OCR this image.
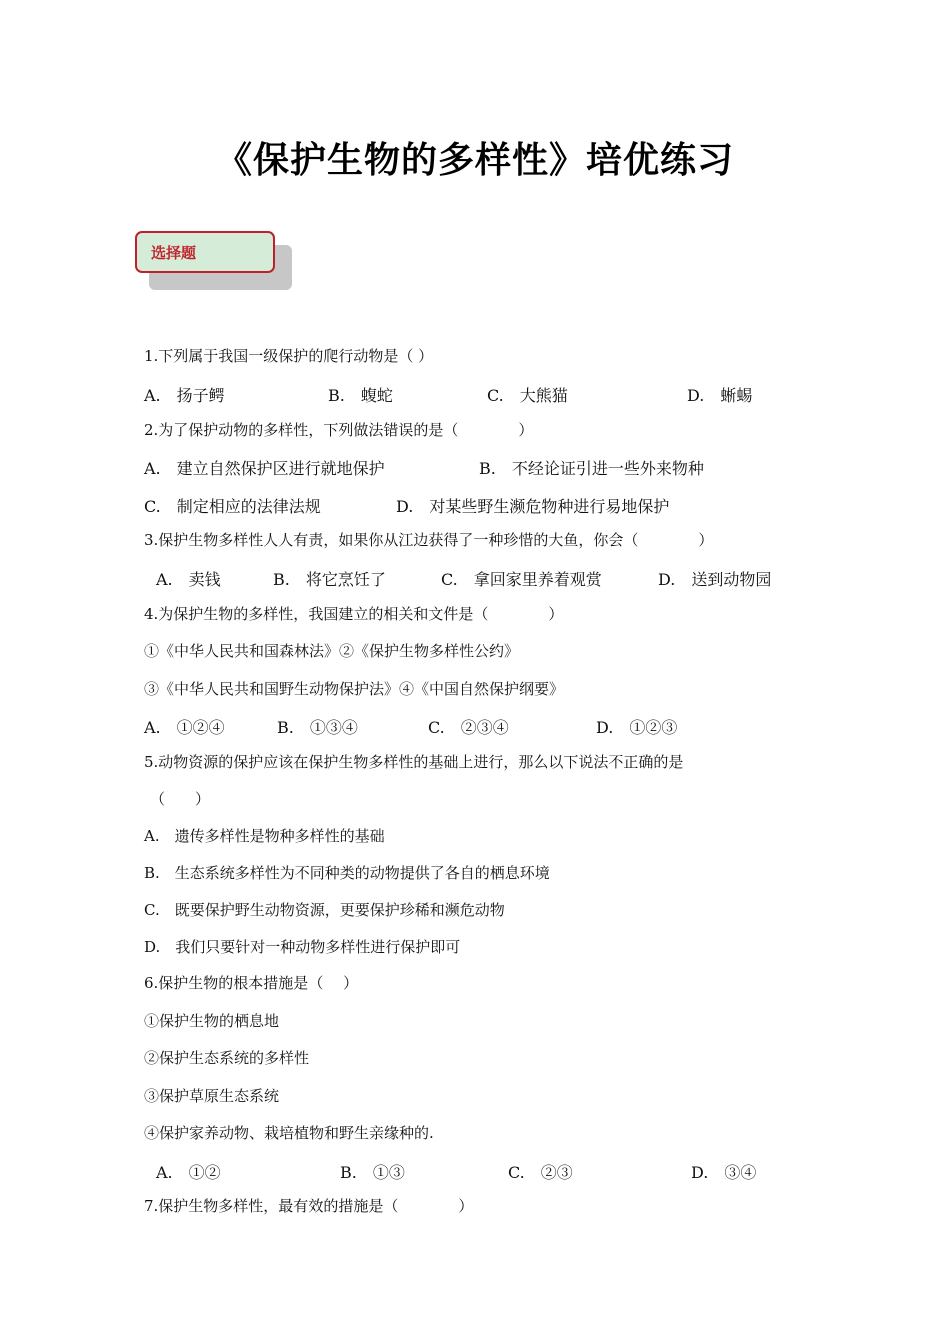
《保护生物的多样性》培优练习
选择题
1.下列属于我国一级保护的爬行动物是（ ）
A.　扬子鳄	B.　蝮蛇	C.　大熊猫	D.　蜥蜴
2.为了保护动物的多样性，下列做法错误的是（　　　　）
A.　建立自然保护区进行就地保护	B.　不经论证引进一些外来物种
C.　制定相应的法律法规	D.　对某些野生濒危物种进行易地保护
3.保护生物多样性人人有责，如果你从江边获得了一种珍惜的大鱼，你会（　　　　）
A.　卖钱	B.　将它烹饪了	C.　拿回家里养着观赏	D.　送到动物园
4.为保护生物的多样性，我国建立的相关和文件是（　　　　）
①《中华人民共和国森林法》②《保护生物多样性公约》
③《中华人民共和国野生动物保护法》④《中国自然保护纲要》
A.　①②④	B.　①③④	C.　②③④	D.　①②③
5.动物资源的保护应该在保护生物多样性的基础上进行，那么以下说法不正确的是
（　　）
A.　遗传多样性是物种多样性的基础
B.　生态系统多样性为不同种类的动物提供了各自的栖息环境
C.　既要保护野生动物资源，更要保护珍稀和濒危动物
D.　我们只要针对一种动物多样性进行保护即可
6.保护生物的根本措施是（　 ）
①保护生物的栖息地
②保护生态系统的多样性
③保护草原生态系统
④保护家养动物、栽培植物和野生亲缘种的.
A.　①②	B.　①③	C.　②③	D.　③④
7.保护生物多样性，最有效的措施是（　　　　）
